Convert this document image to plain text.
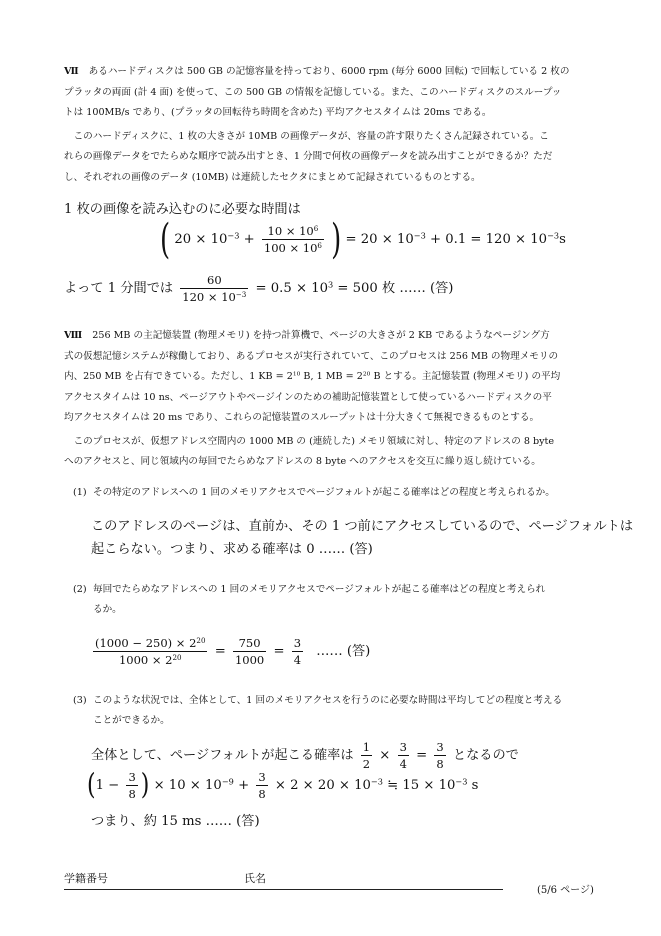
Ⅶ あるハードディスクは 500 GB の記憶容量を持っており、6000 rpm (毎分 6000 回転) で回転している 2 枚の
プラッタの両面 (計 4 面) を使って、この 500 GB の情報を記憶している。また、このハードディスクのスループッ
トは 100MB/s であり、(プラッタの回転待ち時間を含めた) 平均アクセスタイムは 20ms である。
　このハードディスクに、1 枚の大きさが 10MB の画像データが、容量の許す限りたくさん記録されている。こ
れらの画像データをでたらめな順序で読み出すとき、1 分間で何枚の画像データを読み出すことができるか？ただ
し、それぞれの画像のデータ (10MB) は連続したセクタにまとめて記録されているものとする。
1 枚の画像を読み込むのに必要な時間は
( $20 \times 10^{-3} + \frac{10 \times 10^6}{100 \times 10^6}$ ) = $20 \times 10^{-3} + 0.1 = 120 \times 10^{-3}s$
よって 1 分間では $\frac{60}{120 \times 10^{-3}} = 0.5 \times 10^3 = 500$ 枚 ‥‥‥ (答)
Ⅷ 256 MB の主記憶装置 (物理メモリ) を持つ計算機で、ページの大きさが 2 KB であるようなページング方
式の仮想記憶システムが稼働しており、あるプロセスが実行されていて、このプロセスは 256 MB の物理メモリの
内、250 MB を占有できている。ただし、1 KB = $2^{10}$ B, 1 MB = $2^{20}$ B とする。主記憶装置 (物理メモリ) の平均
アクセスタイムは 10 ns、ページアウトやページインのための補助記憶装置として使っているハードディスクの平
均アクセスタイムは 20 ms であり、これらの記憶装置のスループットは十分大きくて無視できるものとする。
　このプロセスが、仮想アドレス空間内の 1000 MB の (連続した) メモリ領域に対し、特定のアドレスの 8 byte
へのアクセスと、同じ領域内の毎回でたらめなアドレスの 8 byte へのアクセスを交互に繰り返し続けている。
(1) その特定のアドレスへの 1 回のメモリアクセスでページフォルトが起こる確率はどの程度と考えられるか。
このアドレスのページは、直前か、その 1 つ前にアクセスしているので、ページフォルトは
起こらない。つまり、求める確率は 0 ‥‥‥ (答)
(2) 毎回でたらめなアドレスへの 1 回のメモリアクセスでページフォルトが起こる確率はどの程度と考えられ
るか。
$\frac{(1000 - 250) \times 2^{20}}{1000 \times 2^{20}} = \frac{750}{1000} = \frac{3}{4}$ ‥‥‥ (答)
(3) このような状況では、全体として、1 回のメモリアクセスを行うのに必要な時間は平均してどの程度と考える
ことができるか。
全体として、ページフォルトが起こる確率は $\frac{1}{2} \times \frac{3}{4} = \frac{3}{8}$ となるので
($1 - \frac{3}{8}$ ) × $10 \times 10^{-9} + \frac{3}{8} \times 2 \times 20 \times 10^{-3}$ ≒ $15 \times 10^{-3}$ s
つまり、約 15 ms ‥‥‥ (答)
学籍番号	氏名
(5/6 ページ)
